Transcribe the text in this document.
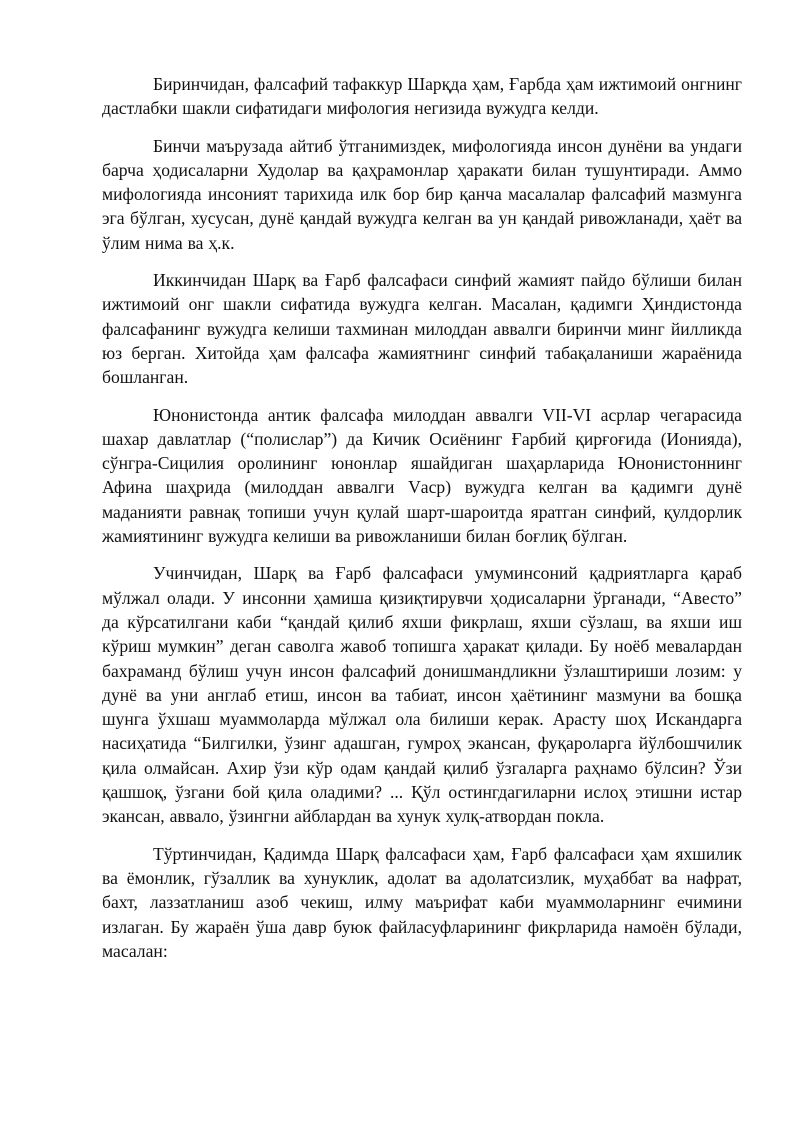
Биринчидан, фалсафий тафаккур Шарқда ҳам, Ғарбда ҳам ижтимоий онгнинг дастлабки шакли сифатидаги мифология негизида вужудга келди.

Бинчи маърузада айтиб ўтганимиздек, мифологияда инсон дунёни ва ундаги барча ҳодисаларни Худолар ва қаҳрамонлар ҳаракати билан тушунтиради. Аммо мифологияда инсоният тарихида илк бор бир қанча масалалар фалсафий мазмунга эга бўлган, хусусан, дунё қандай вужудга келган ва ун қандай ривожланади, ҳаёт ва ўлим нима ва ҳ.к.

Иккинчидан Шарқ ва Ғарб фалсафаси синфий жамият пайдо бўлиши билан ижтимоий онг шакли сифатида вужудга келган. Масалан, қадимги Ҳиндистонда фалсафанинг вужудга келиши тахминан милоддан аввалги биринчи минг йилликда юз берган. Хитойда ҳам фалсафа жамиятнинг синфий табақаланиши жараёнида бошланган.

Юнонистонда антик фалсафа милоддан аввалги VII-VI асрлар чегарасида шахар давлатлар (“полислар”) да Кичик Осиёнинг Ғарбий қирғоғида (Ионияда), сўнгра-Сицилия оролининг юнонлар яшайдиган шаҳарларида Юнонистоннинг Афина шаҳрида (милоддан аввалги Vаср) вужудга келган ва қадимги дунё маданияти равнақ топиши учун қулай шарт-шароитда яратган синфий, қулдорлик жамиятининг вужудга келиши ва ривожланиши билан боғлиқ бўлган.

Учинчидан, Шарқ ва Ғарб фалсафаси умуминсоний қадриятларга қараб мўлжал олади. У инсонни ҳамиша қизиқтирувчи ҳодисаларни ўрганади, “Авесто” да кўрсатилгани каби “қандай қилиб яхши фикрлаш, яхши сўзлаш, ва яхши иш кўриш мумкин” деган саволга жавоб топишга ҳаракат қилади. Бу ноёб мевалардан бахраманд бўлиш учун инсон фалсафий донишмандликни ўзлаштириши лозим: у дунё ва уни англаб етиш, инсон ва табиат, инсон ҳаётининг мазмуни ва бошқа шунга ўхшаш муаммоларда мўлжал ола билиши керак. Арасту шоҳ Искандарга насиҳатида “Билгилки, ўзинг адашган, гумроҳ экансан, фуқароларга йўлбошчилик қила олмайсан. Ахир ўзи кўр одам қандай қилиб ўзгаларга раҳнамо бўлсин? Ўзи қашшоқ, ўзгани бой қила оладими? ... Қўл остингдагиларни ислоҳ этишни истар экансан, аввало, ўзингни айблардан ва хунук хулқ-атвордан покла.

Тўртинчидан, Қадимда Шарқ фалсафаси ҳам, Ғарб фалсафаси ҳам яхшилик ва ёмонлик, гўзаллик ва хунуклик, адолат ва адолатсизлик, муҳаббат ва нафрат, бахт, лаззатланиш азоб чекиш, илму маърифат каби муаммоларнинг ечимини излаган. Бу жараён ўша давр буюк файласуфларининг фикрларида намоён бўлади, масалан:
